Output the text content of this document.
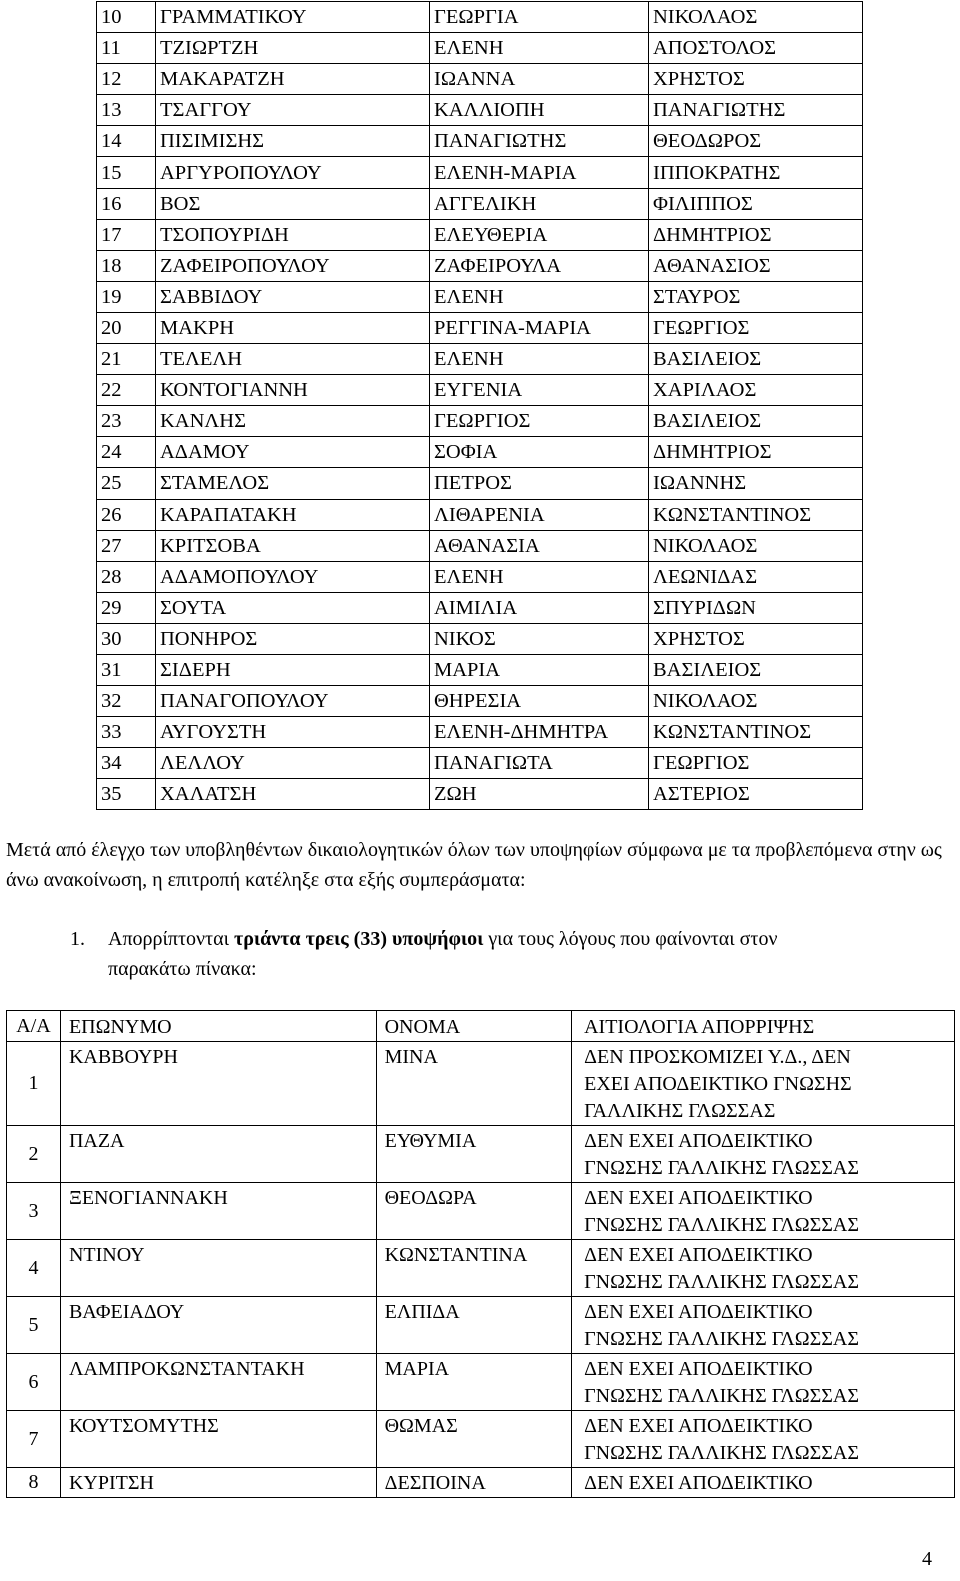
10	ΓΡΑΜΜΑΤΙΚΟΥ	ΓΕΩΡΓΙΑ	ΝΙΚΟΛΑΟΣ
11	ΤΖΙΩΡΤΖΗ	ΕΛΕΝΗ	ΑΠΟΣΤΟΛΟΣ
12	ΜΑΚΑΡΑΤΖΗ	ΙΩΑΝΝΑ	ΧΡΗΣΤΟΣ
13	ΤΣΑΓΓΟΥ	ΚΑΛΛΙΟΠΗ	ΠΑΝΑΓΙΩΤΗΣ
14	ΠΙΣΙΜΙΣΗΣ	ΠΑΝΑΓΙΩΤΗΣ	ΘΕΟΔΩΡΟΣ
15	ΑΡΓΥΡΟΠΟΥΛΟΥ	ΕΛΕΝΗ-ΜΑΡΙΑ	ΙΠΠΟΚΡΑΤΗΣ
16	ΒΟΣ	ΑΓΓΕΛΙΚΗ	ΦΙΛΙΠΠΟΣ
17	ΤΣΟΠΟΥΡΙΔΗ	ΕΛΕΥΘΕΡΙΑ	ΔΗΜΗΤΡΙΟΣ
18	ΖΑΦΕΙΡΟΠΟΥΛΟΥ	ΖΑΦΕΙΡΟΥΛΑ	ΑΘΑΝΑΣΙΟΣ
19	ΣΑΒΒΙΔΟΥ	ΕΛΕΝΗ	ΣΤΑΥΡΟΣ
20	ΜΑΚΡΗ	ΡΕΓΓΙΝΑ-ΜΑΡΙΑ	ΓΕΩΡΓΙΟΣ
21	ΤΕΛΕΛΗ	ΕΛΕΝΗ	ΒΑΣΙΛΕΙΟΣ
22	ΚΟΝΤΟΓΙΑΝΝΗ	ΕΥΓΕΝΙΑ	ΧΑΡΙΛΑΟΣ
23	ΚΑΝΛΗΣ	ΓΕΩΡΓΙΟΣ	ΒΑΣΙΛΕΙΟΣ
24	ΑΔΑΜΟΥ	ΣΟΦΙΑ	ΔΗΜΗΤΡΙΟΣ
25	ΣΤΑΜΕΛΟΣ	ΠΕΤΡΟΣ	ΙΩΑΝΝΗΣ
26	ΚΑΡΑΠΑΤΑΚΗ	ΛΙΘΑΡΕΝΙΑ	ΚΩΝΣΤΑΝΤΙΝΟΣ
27	ΚΡΙΤΣΟΒΑ	ΑΘΑΝΑΣΙΑ	ΝΙΚΟΛΑΟΣ
28	ΑΔΑΜΟΠΟΥΛΟΥ	ΕΛΕΝΗ	ΛΕΩΝΙΔΑΣ
29	ΣΟΥΤΑ	ΑΙΜΙΛΙΑ	ΣΠΥΡΙΔΩΝ
30	ΠΟΝΗΡΟΣ	ΝΙΚΟΣ	ΧΡΗΣΤΟΣ
31	ΣΙΔΕΡΗ	ΜΑΡΙΑ	ΒΑΣΙΛΕΙΟΣ
32	ΠΑΝΑΓΟΠΟΥΛΟΥ	ΘΗΡΕΣΙΑ	ΝΙΚΟΛΑΟΣ
33	ΑΥΓΟΥΣΤΗ	ΕΛΕΝΗ-ΔΗΜΗΤΡΑ	ΚΩΝΣΤΑΝΤΙΝΟΣ
34	ΛΕΛΛΟΥ	ΠΑΝΑΓΙΩΤΑ	ΓΕΩΡΓΙΟΣ
35	ΧΑΛΑΤΣΗ	ΖΩΗ	ΑΣΤΕΡΙΟΣ
Μετά από έλεγχο των υποβληθέντων δικαιολογητικών όλων των υποψηφίων σύμφωνα με τα προβλεπόμενα στην ως άνω ανακοίνωση, η επιτροπή κατέληξε στα εξής συμπεράσματα:
1. Απορρίπτονται τριάντα τρεις (33) υποψήφιοι για τους λόγους που φαίνονται στον
παρακάτω πίνακα:
Α/Α	ΕΠΩΝΥΜΟ	ΟΝΟΜΑ	ΑΙΤΙΟΛΟΓΙΑ ΑΠΟΡΡΙΨΗΣ
1	ΚΑΒΒΟΥΡΗ	ΜΙΝΑ	ΔΕΝ ΠΡΟΣΚΟΜΙΖΕΙ Υ.Δ., ΔΕΝ
ΕΧΕΙ ΑΠΟΔΕΙΚΤΙΚΟ ΓΝΩΣΗΣ
ΓΑΛΛΙΚΗΣ ΓΛΩΣΣΑΣ

2	ΠΑΖΑ	ΕΥΘΥΜΙΑ	ΔΕΝ ΕΧΕΙ ΑΠΟΔΕΙΚΤΙΚΟ
ΓΝΩΣΗΣ ΓΑΛΛΙΚΗΣ ΓΛΩΣΣΑΣ

3	ΞΕΝΟΓΙΑΝΝΑΚΗ	ΘΕΟΔΩΡΑ	ΔΕΝ ΕΧΕΙ ΑΠΟΔΕΙΚΤΙΚΟ
ΓΝΩΣΗΣ ΓΑΛΛΙΚΗΣ ΓΛΩΣΣΑΣ

4	ΝΤΙΝΟΥ	ΚΩΝΣΤΑΝΤΙΝΑ	ΔΕΝ ΕΧΕΙ ΑΠΟΔΕΙΚΤΙΚΟ
ΓΝΩΣΗΣ ΓΑΛΛΙΚΗΣ ΓΛΩΣΣΑΣ

5	ΒΑΦΕΙΑΔΟΥ	ΕΛΠΙΔΑ	ΔΕΝ ΕΧΕΙ ΑΠΟΔΕΙΚΤΙΚΟ
ΓΝΩΣΗΣ ΓΑΛΛΙΚΗΣ ΓΛΩΣΣΑΣ

6	ΛΑΜΠΡΟΚΩΝΣΤΑΝΤΑΚΗ	ΜΑΡΙΑ	ΔΕΝ ΕΧΕΙ ΑΠΟΔΕΙΚΤΙΚΟ
ΓΝΩΣΗΣ ΓΑΛΛΙΚΗΣ ΓΛΩΣΣΑΣ

7	ΚΟΥΤΣΟΜΥΤΗΣ	ΘΩΜΑΣ	ΔΕΝ ΕΧΕΙ ΑΠΟΔΕΙΚΤΙΚΟ
ΓΝΩΣΗΣ ΓΑΛΛΙΚΗΣ ΓΛΩΣΣΑΣ

8	ΚΥΡΙΤΣΗ	ΔΕΣΠΟΙΝΑ	ΔΕΝ ΕΧΕΙ ΑΠΟΔΕΙΚΤΙΚΟ
4
